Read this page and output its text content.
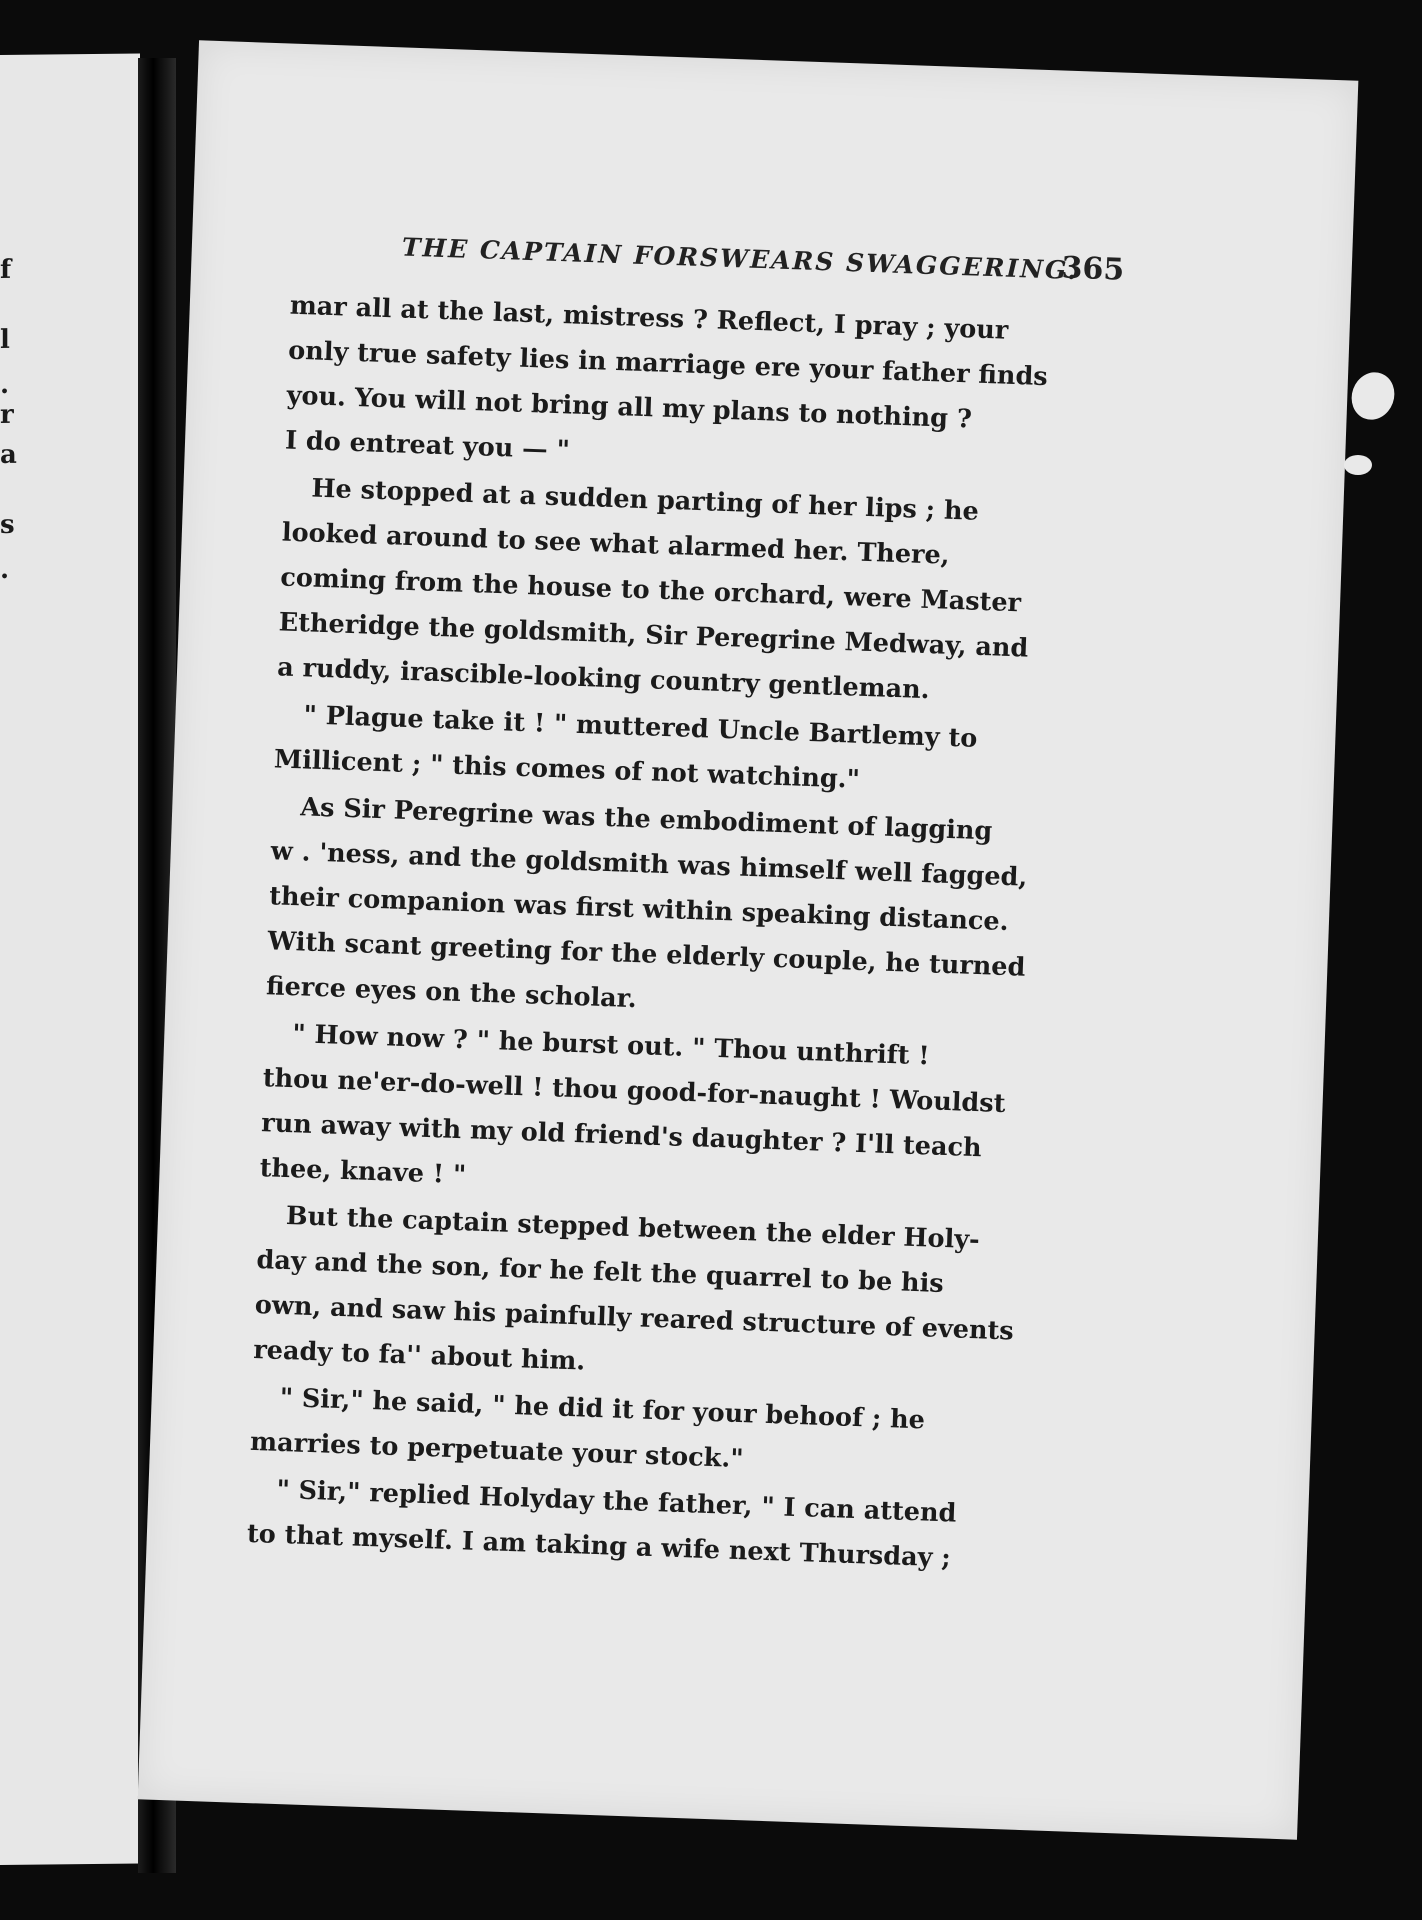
f
l
.
r
a
s
.
THE CAPTAIN FORSWEARS SWAGGERING.
365
mar all at the last, mistress ? Reflect, I pray ; your
only true safety lies in marriage ere your father finds
you. You will not bring all my plans to nothing ?
I do entreat you — "
He stopped at a sudden parting of her lips ; he
looked around to see what alarmed her. There,
coming from the house to the orchard, were Master
Etheridge the goldsmith, Sir Peregrine Medway, and
a ruddy, irascible-looking country gentleman.
" Plague take it ! " muttered Uncle Bartlemy to
Millicent ; " this comes of not watching."
As Sir Peregrine was the embodiment of lagging
w . 'ness, and the goldsmith was himself well fagged,
their companion was first within speaking distance.
With scant greeting for the elderly couple, he turned
fierce eyes on the scholar.
" How now ? " he burst out. " Thou unthrift !
thou ne'er-do-well ! thou good-for-naught ! Wouldst
run away with my old friend's daughter ? I'll teach
thee, knave ! "
But the captain stepped between the elder Holy-
day and the son, for he felt the quarrel to be his
own, and saw his painfully reared structure of events
ready to fa'' about him.
" Sir," he said, " he did it for your behoof ; he
marries to perpetuate your stock."
" Sir," replied Holyday the father, " I can attend
to that myself. I am taking a wife next Thursday ;
